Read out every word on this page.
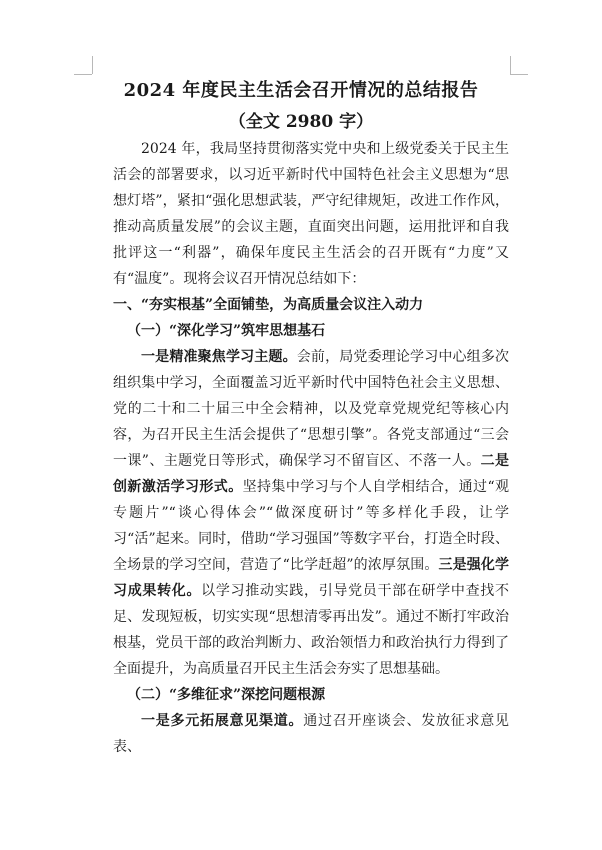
2024 年度民主生活会召开情况的总结报告
（全文 2980 字）

2024 年，我局坚持贯彻落实党中央和上级党委关于民主生活会的部署要求，以习近平新时代中国特色社会主义思想为“思想灯塔”，紧扣“强化思想武装，严守纪律规矩，改进工作作风，推动高质量发展”的会议主题，直面突出问题，运用批评和自我批评这一“利器”，确保年度民主生活会的召开既有“力度”又有“温度”。现将会议召开情况总结如下：

一、“夯实根基”全面铺垫，为高质量会议注入动力

（一）“深化学习”筑牢思想基石

一是精准聚焦学习主题。会前，局党委理论学习中心组多次组织集中学习，全面覆盖习近平新时代中国特色社会主义思想、党的二十和二十届三中全会精神，以及党章党规党纪等核心内容，为召开民主生活会提供了“思想引擎”。各党支部通过“三会一课”、主题党日等形式，确保学习不留盲区、不落一人。二是创新激活学习形式。坚持集中学习与个人自学相结合，通过“观专题片”“谈心得体会”“做深度研讨”等多样化手段，让学习“活”起来。同时，借助“学习强国”等数字平台，打造全时段、全场景的学习空间，营造了“比学赶超”的浓厚氛围。三是强化学习成果转化。以学习推动实践，引导党员干部在研学中查找不足、发现短板，切实实现“思想清零再出发”。通过不断打牢政治根基，党员干部的政治判断力、政治领悟力和政治执行力得到了全面提升，为高质量召开民主生活会夯实了思想基础。

（二）“多维征求”深挖问题根源

一是多元拓展意见渠道。通过召开座谈会、发放征求意见表、
